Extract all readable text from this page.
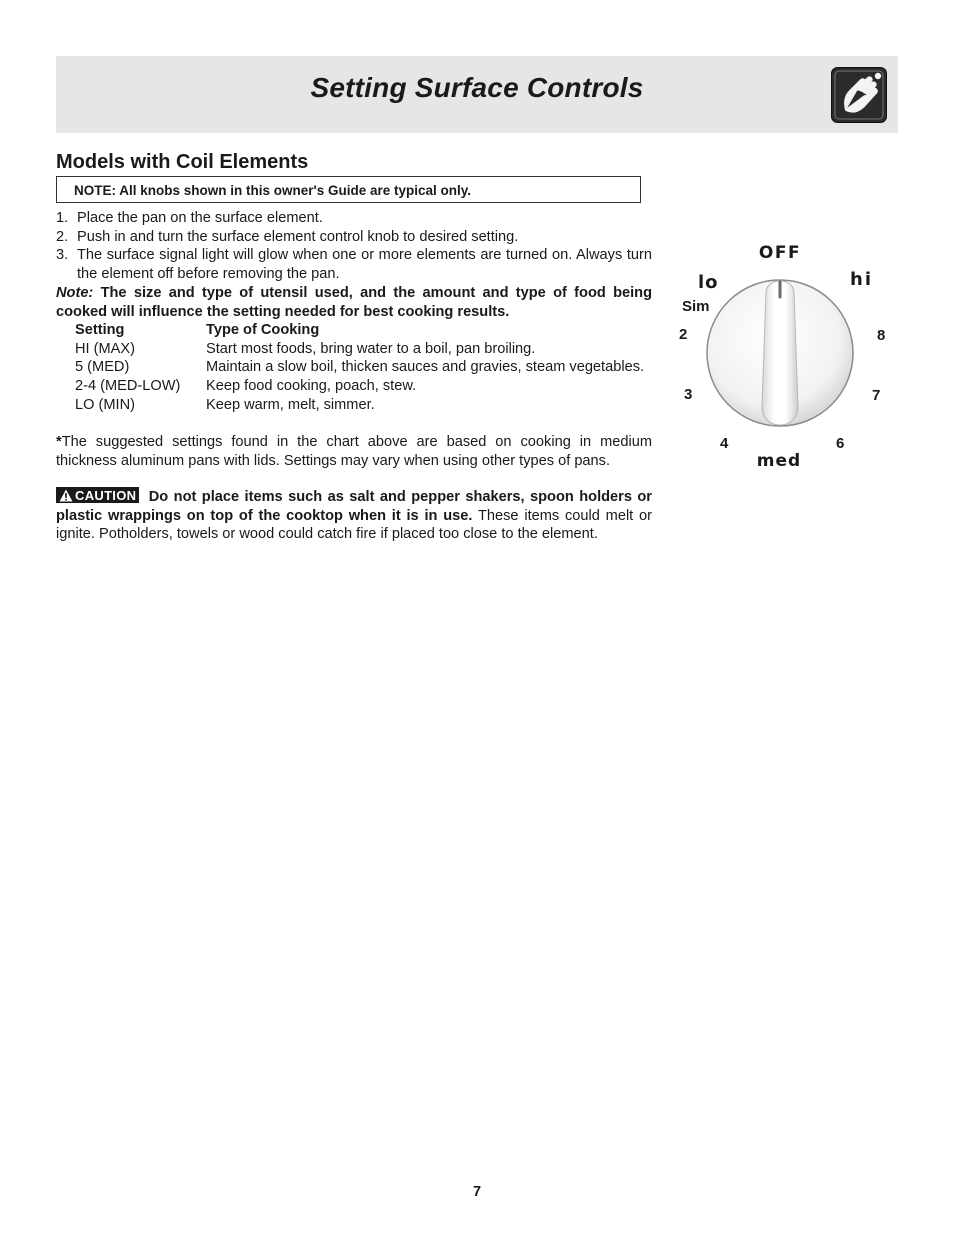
Setting Surface Controls
Models with Coil Elements
NOTE: All knobs shown in this owner's Guide are typical only.
1. Place the pan on the surface element.
2. Push in and turn the surface element control knob to desired setting.
3. The surface signal light will glow when one or more elements are turned on. Always turn the element off before removing the pan.
Note: The size and type of utensil used, and the amount and type of food being cooked will influence the setting needed for best cooking results.
Setting	Type of Cooking
HI (MAX)	Start most foods, bring water to a boil, pan broiling.
5 (MED)	Maintain a slow boil, thicken sauces and gravies, steam vegetables.
2-4 (MED-LOW)	Keep food cooking, poach, stew.
LO (MIN)	Keep warm, melt, simmer.
*The suggested settings found in the chart above are based on cooking in medium thickness aluminum pans with lids. Settings may vary when using other types of pans.
CAUTION Do not place items such as salt and pepper shakers, spoon holders or plastic wrappings on top of the cooktop when it is in use. These items could melt or ignite. Potholders, towels or wood could catch fire if placed too close to the element.
OFF
lo	hi
Sim
2	8
3	7
4	6
med
7
